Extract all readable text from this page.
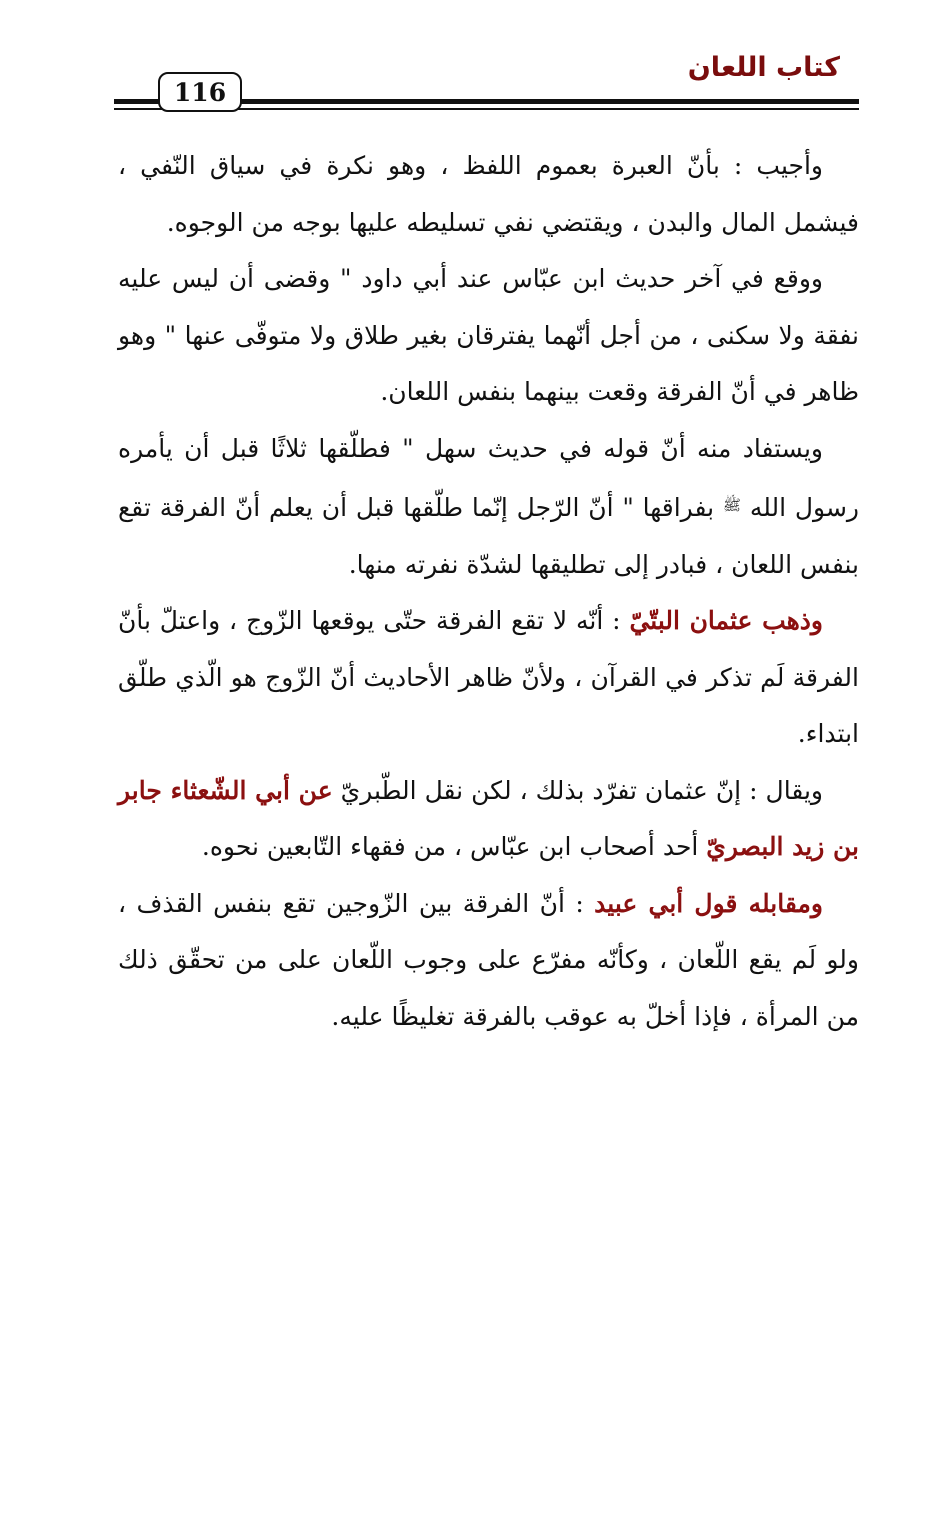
كتاب اللعان
116

وأجيب : بأنّ العبرة بعموم اللفظ ، وهو نكرة في سياق النّفي ، فيشمل المال والبدن ، ويقتضي نفي تسليطه عليها بوجه من الوجوه.

ووقع في آخر حديث ابن عبّاس عند أبي داود " وقضى أن ليس عليه نفقة ولا سكنى ، من أجل أنّهما يفترقان بغير طلاق ولا متوفّى عنها " وهو ظاهر في أنّ الفرقة وقعت بينهما بنفس اللعان.

ويستفاد منه أنّ قوله في حديث سهل " فطلّقها ثلاثًا قبل أن يأمره رسول الله $^ﷺ$ بفراقها " أنّ الرّجل إنّما طلّقها قبل أن يعلم أنّ الفرقة تقع بنفس اللعان ، فبادر إلى تطليقها لشدّة نفرته منها.

وذهب عثمان البتّيّ : أنّه لا تقع الفرقة حتّى يوقعها الزّوج ، واعتلّ بأنّ الفرقة لَم تذكر في القرآن ، ولأنّ ظاهر الأحاديث أنّ الزّوج هو الّذي طلّق ابتداء.

ويقال : إنّ عثمان تفرّد بذلك ، لكن نقل الطّبريّ عن أبي الشّعثاء جابر بن زيد البصريّ أحد أصحاب ابن عبّاس ، من فقهاء التّابعين نحوه.

ومقابله قول أبي عبيد : أنّ الفرقة بين الزّوجين تقع بنفس القذف ، ولو لَم يقع اللّعان ، وكأنّه مفرّع على وجوب اللّعان على من تحقّق ذلك من المرأة ، فإذا أخلّ به عوقب بالفرقة تغليظًا عليه.
